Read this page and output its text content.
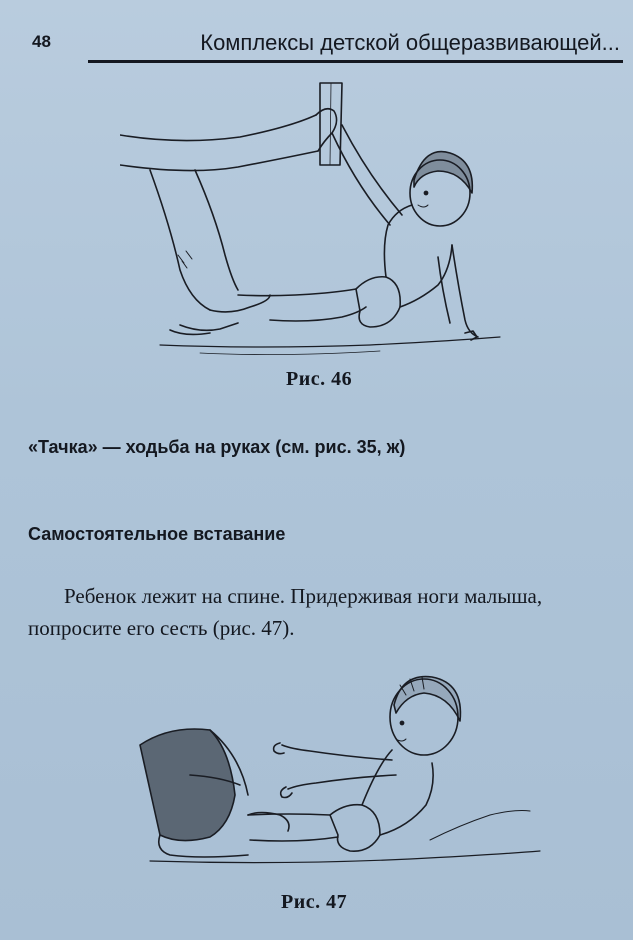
48	Комплексы детской общеразвивающей...
Рис. 46
«Тачка» — ходьба на руках (см. рис. 35, ж)
Самостоятельное вставание
Ребенок лежит на спине. Придерживая ноги малыша, попросите его сесть (рис. 47).
Рис. 47
